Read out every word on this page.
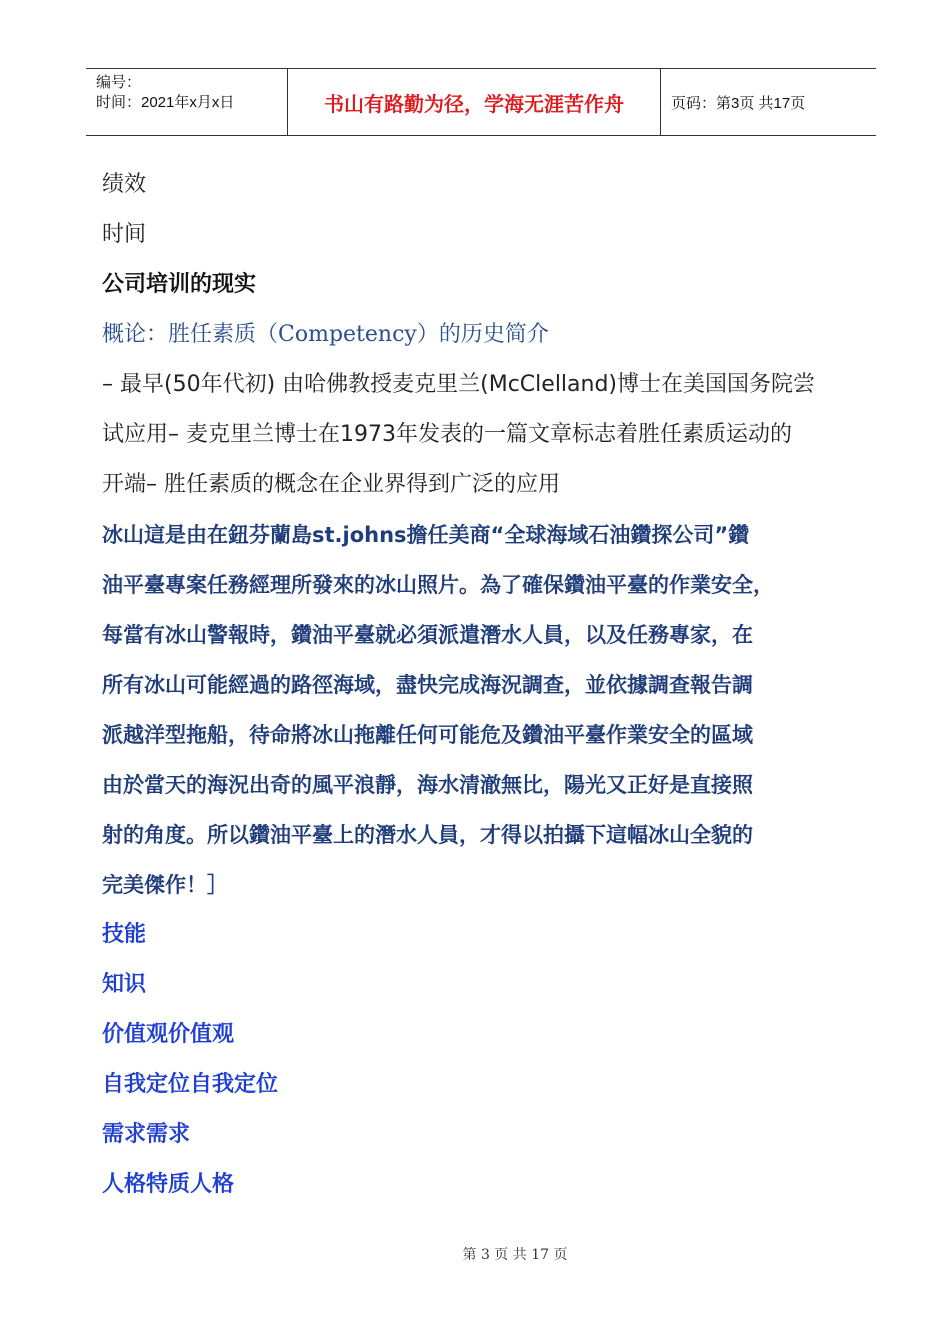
编号：
时间：2021年x月x日	书山有路勤为径，学海无涯苦作舟	页码：第3页 共17页
绩效
时间
公司培训的现实
概论：胜任素质（Competency）的历史简介
– 最早(50年代初) 由哈佛教授麦克里兰(McClelland)博士在美国国务院尝
试应用– 麦克里兰博士在1973年发表的一篇文章标志着胜任素质运动的
开端– 胜任素质的概念在企业界得到广泛的应用
冰山這是由在鈕芬蘭島st.johns擔任美商“全球海域石油鑽探公司”鑽
油平臺專案任務經理所發來的冰山照片。為了確保鑽油平臺的作業安全，
每當有冰山警報時，鑽油平臺就必須派遣潛水人員，以及任務專家，在
所有冰山可能經過的路徑海域，盡快完成海況調查，並依據調查報告調
派越洋型拖船，待命將冰山拖離任何可能危及鑽油平臺作業安全的區域
由於當天的海況出奇的風平浪靜，海水清澈無比，陽光又正好是直接照
射的角度。所以鑽油平臺上的潛水人員，才得以拍攝下這幅冰山全貌的
完美傑作！］
技能
知识
价值观价值观
自我定位自我定位
需求需求
人格特质人格
第 3 页 共 17 页
